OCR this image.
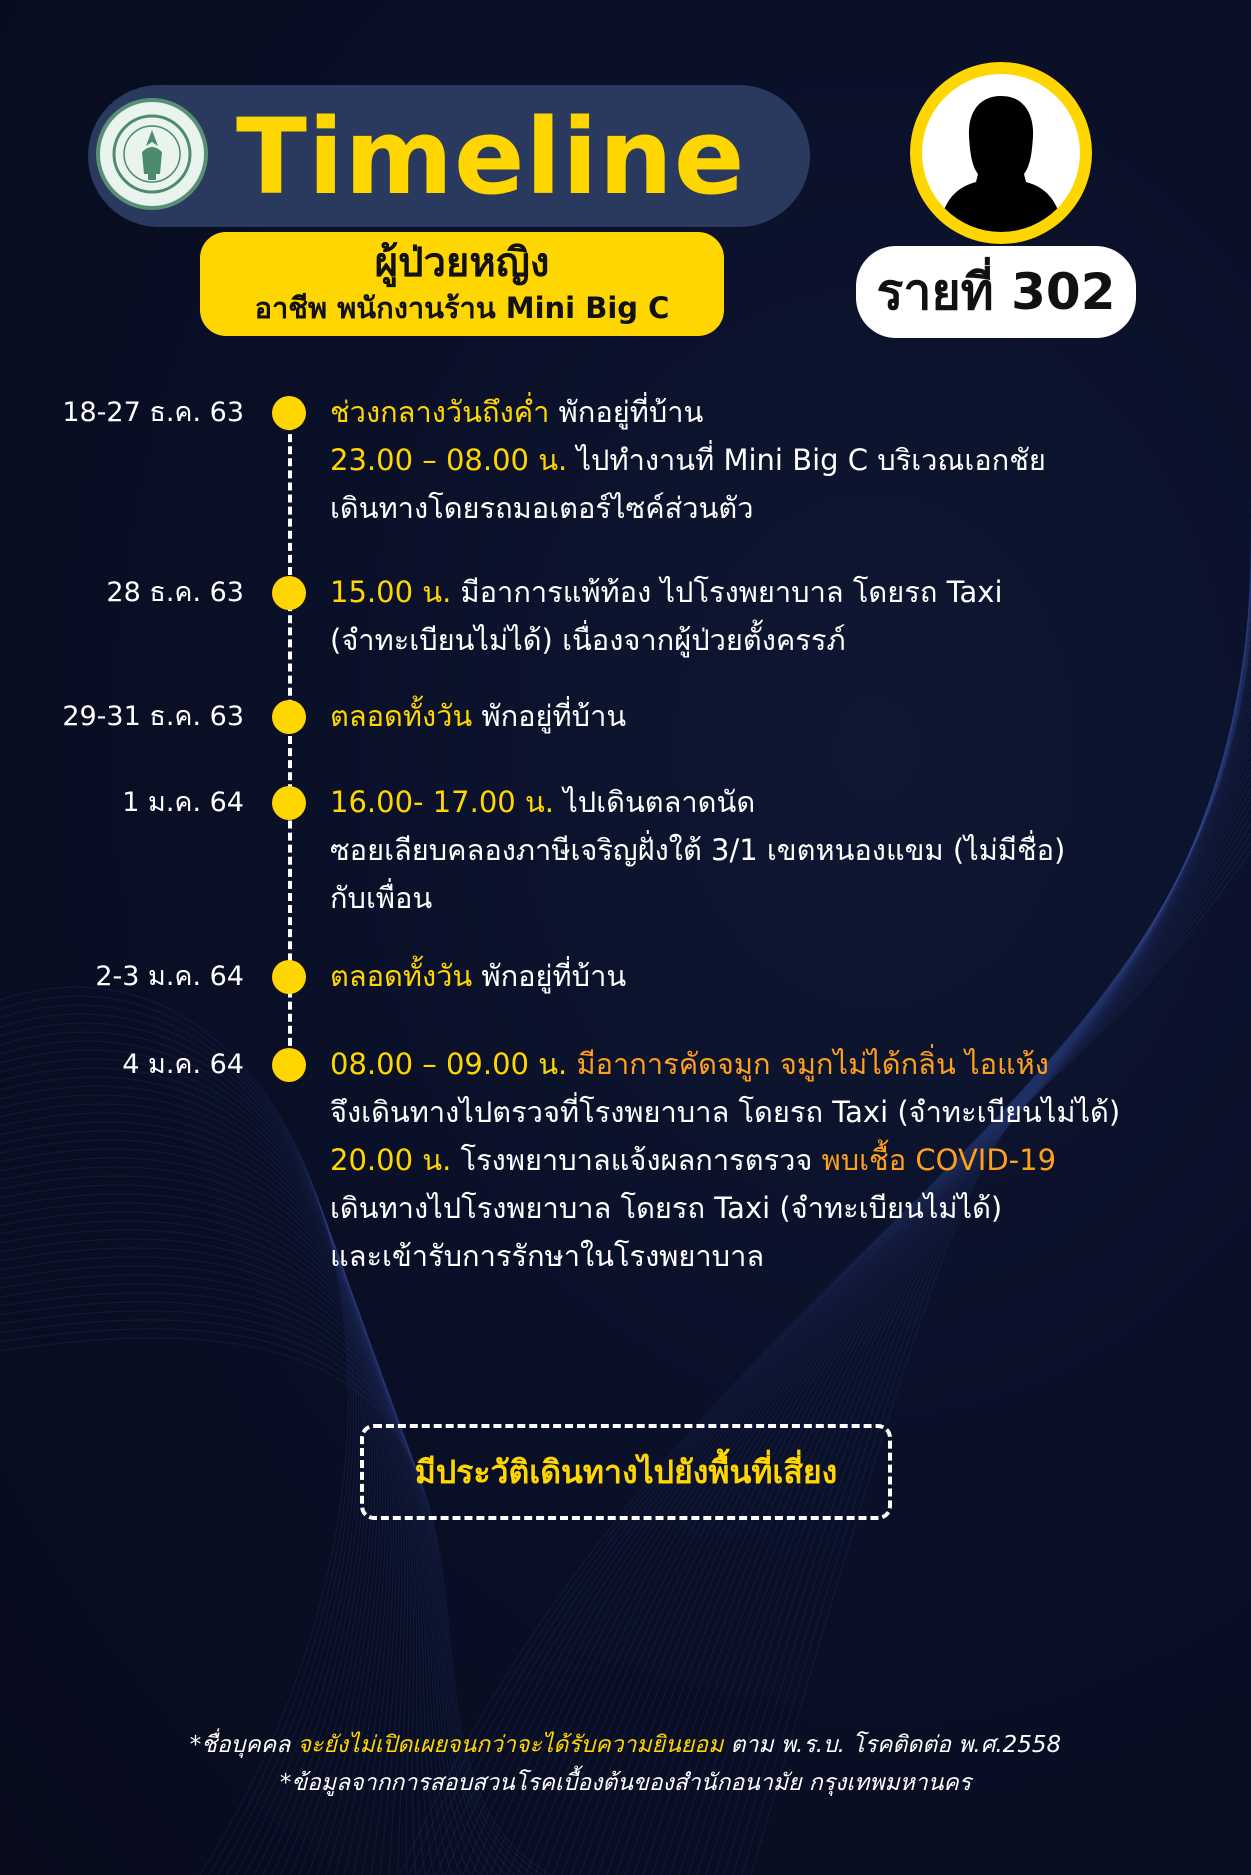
Timeline
ผู้ป่วยหญิง
อาชีพ พนักงานร้าน Mini Big C	รายที่ 302
18-27 ธ.ค. 63	ช่วงกลางวันถึงค่ำ พักอยู่ที่บ้าน
23.00 – 08.00 น. ไปทำงานที่ Mini Big C บริเวณเอกชัย
เดินทางโดยรถมอเตอร์ไซค์ส่วนตัว
28 ธ.ค. 63	15.00 น. มีอาการแพ้ท้อง ไปโรงพยาบาล โดยรถ Taxi
(จำทะเบียนไม่ได้) เนื่องจากผู้ป่วยตั้งครรภ์
29-31 ธ.ค. 63	ตลอดทั้งวัน พักอยู่ที่บ้าน
1 ม.ค. 64	16.00- 17.00 น. ไปเดินตลาดนัด
ซอยเลียบคลองภาษีเจริญฝั่งใต้ 3/1 เขตหนองแขม (ไม่มีชื่อ)
กับเพื่อน
2-3 ม.ค. 64	ตลอดทั้งวัน พักอยู่ที่บ้าน
4 ม.ค. 64	08.00 – 09.00 น. มีอาการคัดจมูก จมูกไม่ได้กลิ่น ไอแห้ง
จึงเดินทางไปตรวจที่โรงพยาบาล โดยรถ Taxi (จำทะเบียนไม่ได้)
20.00 น. โรงพยาบาลแจ้งผลการตรวจ พบเชื้อ COVID-19
เดินทางไปโรงพยาบาล โดยรถ Taxi (จำทะเบียนไม่ได้)
และเข้ารับการรักษาในโรงพยาบาล
มีประวัติเดินทางไปยังพื้นที่เสี่ยง
*ชื่อบุคคล จะยังไม่เปิดเผยจนกว่าจะได้รับความยินยอม ตาม พ.ร.บ. โรคติดต่อ พ.ศ.2558
*ข้อมูลจากการสอบสวนโรคเบื้องต้นของสำนักอนามัย กรุงเทพมหานคร
